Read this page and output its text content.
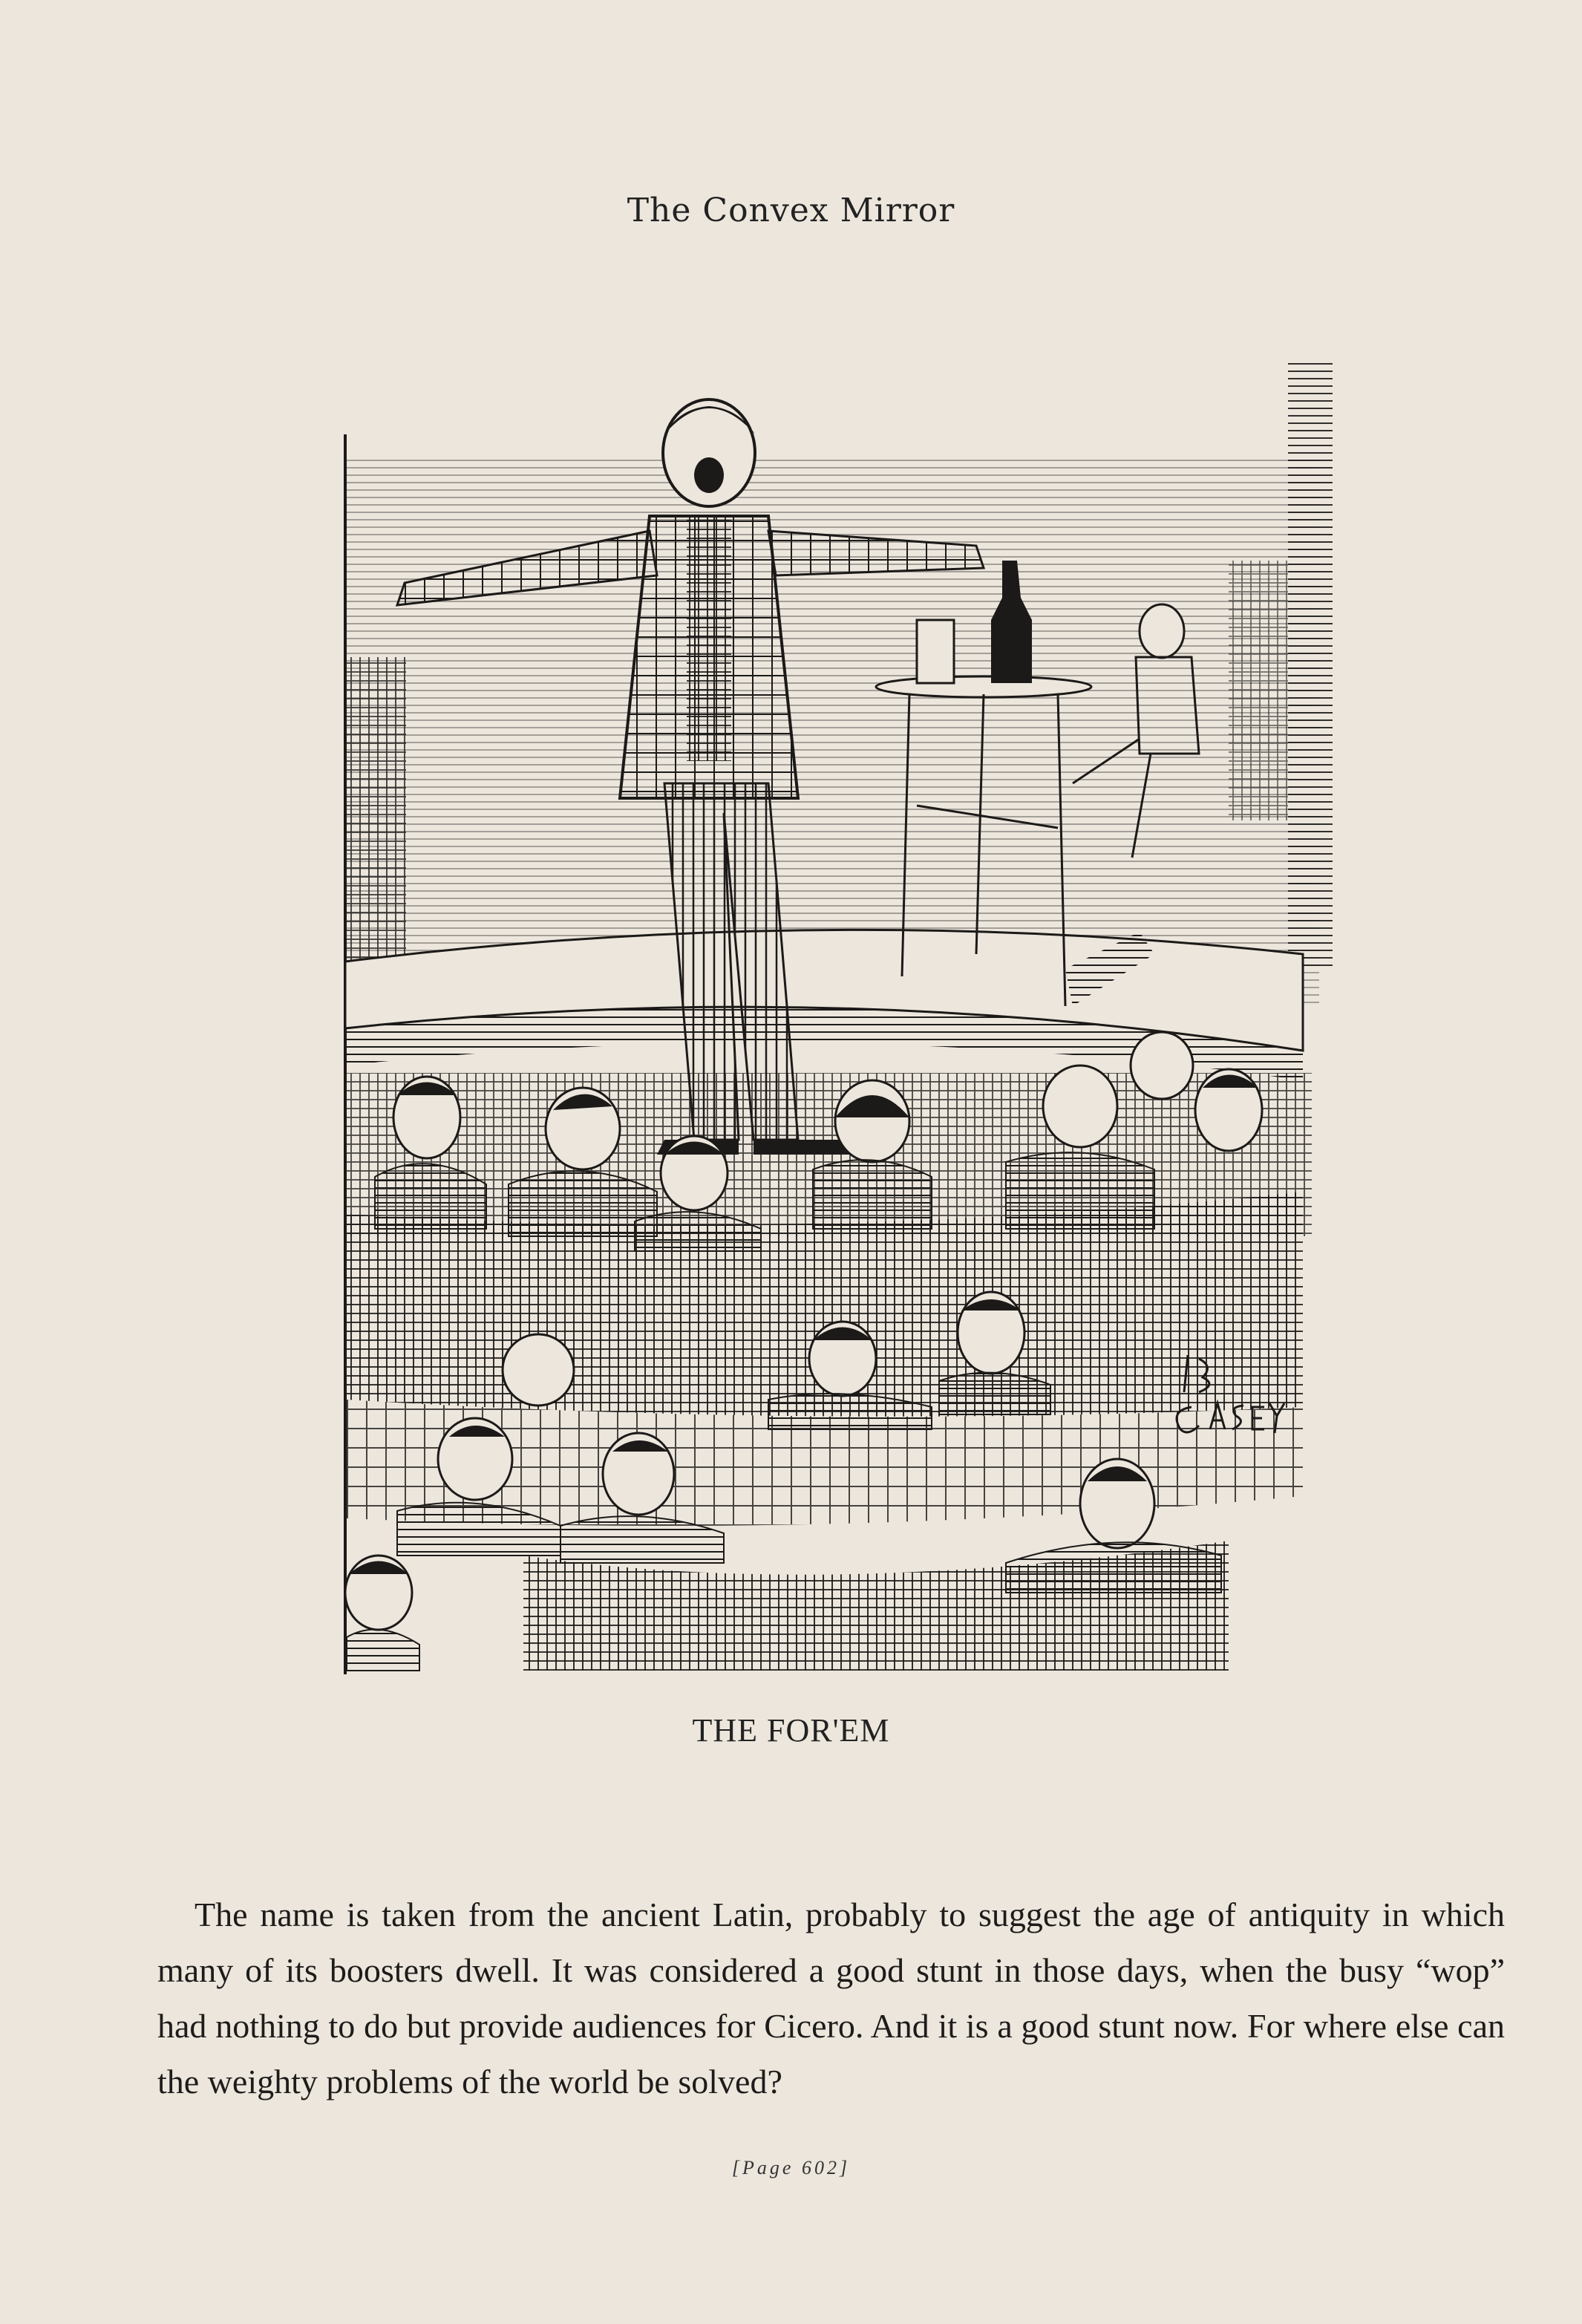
The Convex Mirror
THE FOR'EM

The name is taken from the ancient Latin, probably to suggest the age of antiquity in which many of its boosters dwell. It was considered a good stunt in those days, when the busy “wop” had nothing to do but provide audiences for Cicero. And it is a good stunt now. For where else can the weighty problems of the world be solved?

[Page 602]
